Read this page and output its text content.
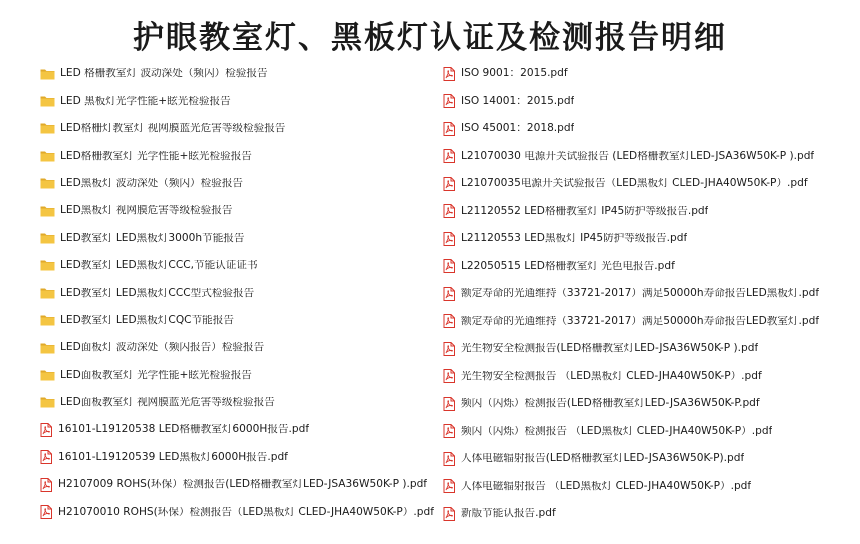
护眼教室灯、黑板灯认证及检测报告明细
LED 格栅教室灯 波动深处（频闪）检验报告
LED 黑板灯光学性能+眩光检验报告
LED格栅灯教室灯 视网膜蓝光危害等级检验报告
LED格栅教室灯 光学性能+眩光检验报告
LED黑板灯 波动深处（频闪）检验报告
LED黑板灯 视网膜危害等级检验报告
LED教室灯 LED黑板灯3000h节能报告
LED教室灯 LED黑板灯CCC,节能认证证书
LED教室灯 LED黑板灯CCC型式检验报告
LED教室灯 LED黑板灯CQC节能报告
LED面板灯 波动深处（频闪报告）检验报告
LED面板教室灯 光学性能+眩光检验报告
LED面板教室灯 视网膜蓝光危害等级检验报告
16101-L19120538 LED格栅教室灯6000H报告.pdf
16101-L19120539 LED黑板灯6000H报告.pdf
H2107009 ROHS(环保）检测报告(LED格栅教室灯LED-JSA36W50K-P ).pdf
H21070010 ROHS(环保）检测报告（LED黑板灯 CLED-JHA40W50K-P）.pdf
ISO 9001：2015.pdf
ISO 14001：2015.pdf
ISO 45001：2018.pdf
L21070030 电源开关试验报告 (LED格栅教室灯LED-JSA36W50K-P ).pdf
L21070035电源开关试验报告（LED黑板灯 CLED-JHA40W50K-P）.pdf
L21120552 LED格栅教室灯 IP45防护等级报告.pdf
L21120553 LED黑板灯 IP45防护等级报告.pdf
L22050515 LED格栅教室灯 光色电报告.pdf
额定寿命的光通维持（33721-2017）满足50000h寿命报告LED黑板灯.pdf
额定寿命的光通维持（33721-2017）满足50000h寿命报告LED教室灯.pdf
光生物安全检测报告(LED格栅教室灯LED-JSA36W50K-P ).pdf
光生物安全检测报告 （LED黑板灯 CLED-JHA40W50K-P）.pdf
频闪（闪烁）检测报告(LED格栅教室灯LED-JSA36W50K-P.pdf
频闪（闪烁）检测报告 （LED黑板灯 CLED-JHA40W50K-P）.pdf
人体电磁辐射报告(LED格栅教室灯LED-JSA36W50K-P).pdf
人体电磁辐射报告 （LED黑板灯 CLED-JHA40W50K-P）.pdf
新版节能认报告.pdf
